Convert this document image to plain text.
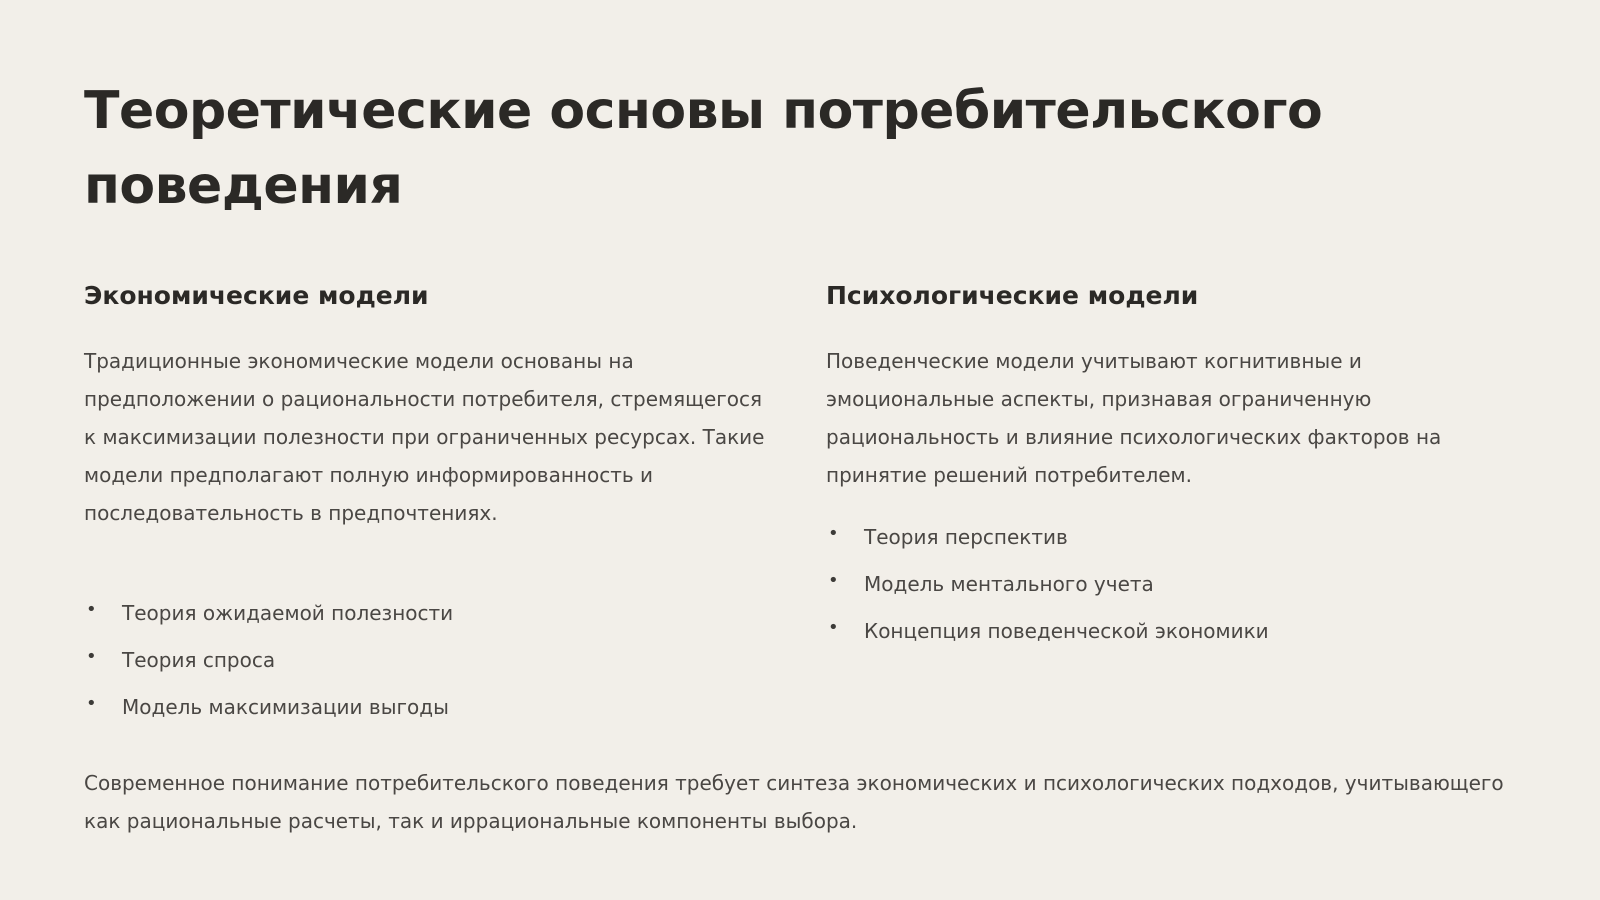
Теоретические основы потребительского поведения
Экономические модели

Традиционные экономические модели основаны на предположении о рациональности потребителя, стремящегося к максимизации полезности при ограниченных ресурсах. Такие модели предполагают полную информированность и последовательность в предпочтениях.

• Теория ожидаемой полезности
• Теория спроса
• Модель максимизации выгоды
Психологические модели

Поведенческие модели учитывают когнитивные и эмоциональные аспекты, признавая ограниченную рациональность и влияние психологических факторов на принятие решений потребителем.

• Теория перспектив
• Модель ментального учета
• Концепция поведенческой экономики

Современное понимание потребительского поведения требует синтеза экономических и психологических подходов, учитывающего как рациональные расчеты, так и иррациональные компоненты выбора.
